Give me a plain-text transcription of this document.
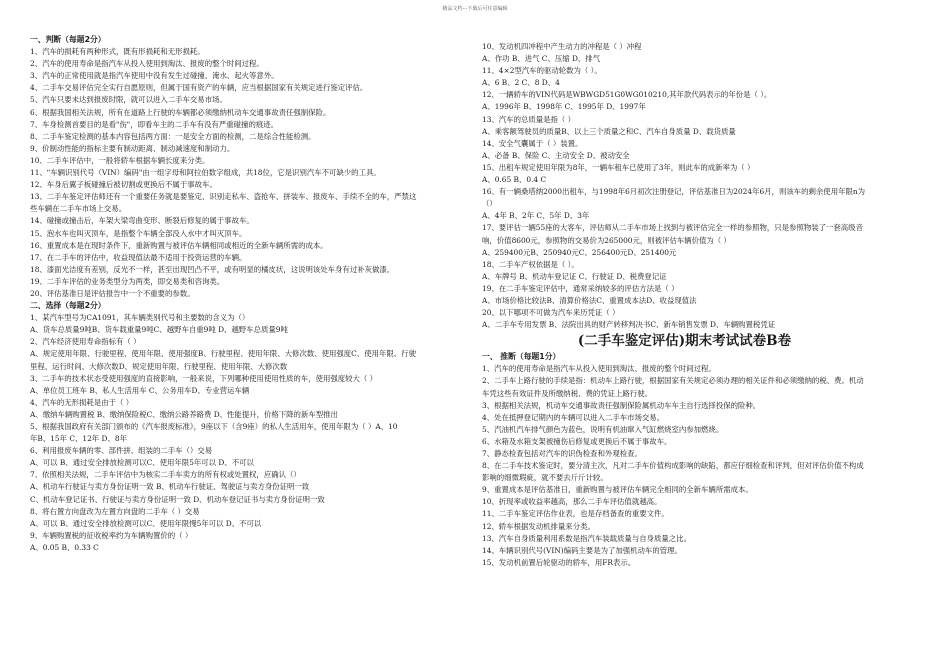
精品文档---下载后可任意编辑
一、判断（每题2分）
1、汽车的损耗有两种形式，既有形损耗和无形损耗。
2、汽车的使用寿命是指汽车从投入使用到淘汰、报废的整个时间过程。
3、汽车的正常使用就是指汽车使用中没有发生过碰撞、淹水、起火等意外。
4、二手车交易评估完全实行自愿原则，但属于国有资产的车辆，应当根据国家有关规定进行鉴定评估。
5、汽车只要未达到报废时限，就可以进入二手车交易市场。
6、根据我国相关法规，所有在道路上行驶的车辆都必须缴纳机动车交通事故责任强制保险。
7、车身检测首要目的是看"伤"，即看车主的二手车有没有严重碰撞的痕迹。
8、二手车鉴定检测的基本内容包括两方面：一是安全方面的检测，二是综合性能检测。
9、价制动性能的指标主要有制动距离、制动减速度和制动力。
10、二手车评估中，一般将轿车根据车辆长度来分类。
11、"车辆识别代号（VIN）编码"由一组字母和阿拉伯数字组成，共18位，它是识别汽车不可缺少的工具。
12、车身后翼子板碰撞后被切割或更换后不属于事故车。
13、二手车鉴定评估师还有一个重要任务就是要鉴定、识别走私车、盗抢车、拼装车、报废车、手续不全的车，严禁这
些车辆在二手车市场上交易。
14、碰撞或撞击后，车架大梁弯曲变形、断裂后修复的属于事故车。
15、泡水车也叫灭顶车，是指整个车辆全部没入水中才叫灭顶车。
16、重置成本是在现时条件下，重新购置与被评估车辆相同或相近的全新车辆所需的成本。
17、在二手车的评估中，收益现值法最不适用于投资运营的车辆。
18、漆面光洁度有差别，反光不一样，甚至出现凹凸不平，或有明显的橘皮状，这说明该处车身有过补灰做漆。
19、二手车评估的业务类型分为两类，即交易类和咨询类。
20、评估基准日是评估报告中一个不重要的参数。
二、选择（每题2分）
1、某汽车型号为CA1091，其车辆类别代号和主要数的含义为（）
A、货车总质量9吨B、货车载重量9吨C、越野车自重9吨 D、越野车总质量9吨
2、汽车经济使用寿命指标有（ ）
A、规定使用年限、行驶里程、使用年限、使用强度B、行驶里程、使用年限、大修次数、使用强度C、使用年限、行驶
里程、运行时间、大修次数D、规定使用年限、行驶里程、使用年限、大修次数
3、二手车的技术状态受使用强度的直接影响，一般来说，下列哪种使用使用性质的车，使用强度较大（ ）
A、单位员工班车 B、私人生活用车 C、公务用车D、专业营运车辆
4、汽车的无形损耗是由于（ ）
A、缴纳车辆购置税 B、缴纳保险税C、缴纳公路养路费 D、性能提升，价格下降的新车型推出
5、根据我国政府有关部门颁布的《汽车报废标准》，9座以下（含9座）的私人生活用车，使用年限为（ ）A、10
年B、15年 C、12年 D、8年
6、利用报废车辆的零、部件拼、组装的二手车（）交易
A、可以 B、通过安全排放检测可以C、使用年限5年可以 D、不可以
7、依照相关法规，二手车评估中为核实二手车卖方的所有权或处置权，应确认（）
A、机动车行驶证与卖方身份证明一致 B、机动车行驶证、驾驶证与卖方身份证明一致
C、机动车登记证书、行驶证与卖方身份证明一致 D、机动车登记证书与卖方身份证明一致
8、将右置方向盘改为左置方向盘的二手车（ ）交易
A、可以 B、通过安全排放检测可以C、使用年限慢5年可以 D、不可以
9、车辆购置税的征收税率约为车辆购置价的（ ）
A、0.05 B、0.33 C
10、发动机四冲程中产生动力的冲程是（ ）冲程
A、作功 B、进气 C、压缩 D、排气
11、4×2型汽车的驱动轮数为（ ）。
A、6 B、2 C、8 D、4
12、一辆轿车的VIN代码是WBWGD51G0WG010210,其年款代码表示的年份是（ ）。
A、1996年 B、1998年 C、1995年 D、1997年
13、汽车的总质量是指（ ）
A、乘客额驾驶员的质量B、以上三个质量之和C、汽车自身质量 D、载货质量
14、安全气囊属于（ ）装置。
A、必备 B、保险 C、主动安全 D、被动安全
15、出租车规定使用年限为8年，一辆车租车已使用了3年，则此车的成新率为（ ）
A、0.65 B、0.4 C
16、有一辆桑塔纳2000出租车，与1998年6月初次注册登记，评估基准日为2024年6月，则该车的剩余使用年限n为
（）
A、4年 B、2年 C、5年 D、3年
17、要评估一辆55座的大客车，评估师从二手车市场上找到与被评估完全一样的参照物，只是参照物装了一套高级音
响，价值8600元，参照物的交易价为265000元，则被评估车辆价值为（ ）
A、259400元B、250940元C、256400元D、251400元
18、二手车产权依据是（ ）。
A、车牌号 B、机动车登记证 C、行驶证 D、税费登记证
19、在二手车鉴定评估中，通常采纳较多的评估方法是（ ）
A、市场价格比较法B、清算价格法C、重置成本法D、收益现值法
20、以下哪项不可做为汽车来历凭证（ ）
A、二手车专用发票 B、法院出具的财产转移判决书C、新车销售发票 D、车辆购置税凭证
(二手车鉴定评估)期末考试试卷B卷
一、 推断（每题1分）
1、汽车的使用寿命是指汽车从投入使用到淘汰、报废的整个时间过程。
2、二手车上路行驶的手续是指：机动车上路行驶，根据国家有关规定必须办理的相关证件和必须缴纳的税、费。机动
车凭这些有效证件及所缴纳税、费的凭证上路行驶。
3、根据相关法规，机动车交通事故责任强制保险属机动车车主自行选择投保的险种。
4、处在抵押登记期内的车辆可以进入二手车市场交易。
5、汽油机汽车排气颜色为蓝色，说明有机油窜入气缸燃烧室内参加燃烧。
6、水箱及水箱支架被撞伤后修复或更换后不属于事故车。
7、静态检查包括对汽车的识伪检查和外观检查。
8、在二手车技术鉴定时，要分清主次，凡对二手车价值构成影响的缺陷，都应仔细检查和评判，但对评估价值不构成
影响的细微瑕疵，就不要去斤斤计较。
9、重置成本是评估基准日，重新购置与被评估车辆完全相同的全新车辆所需成本。
10、折现率或收益率越高，那么二手车评估值就越高。
11、二手车鉴定评估作业表，也是存档备查的重要文件。
12、轿车根据发动机排量来分类。
13、汽车自身质量利用系数是指汽车装载质量与自身质量之比。
14、车辆识别代号(VIN)编码主要是为了加强机动车的管理。
15、发动机前置后轮驱动的轿车，用FR表示。
